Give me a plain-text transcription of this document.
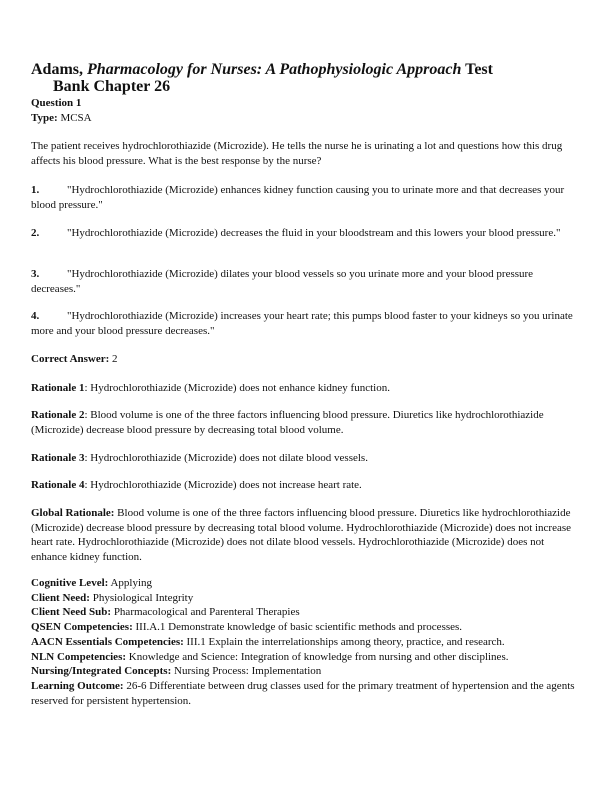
Adams, Pharmacology for Nurses: A Pathophysiologic Approach Test
Bank Chapter 26
Question 1
Type: MCSA
The patient receives hydrochlorothiazide (Microzide). He tells the nurse he is urinating a lot and questions how this drug affects his blood pressure. What is the best response by the nurse?
1.	"Hydrochlorothiazide (Microzide) enhances kidney function causing you to urinate more and that decreases your blood pressure."
2.	"Hydrochlorothiazide (Microzide) decreases the fluid in your bloodstream and this lowers your blood pressure."
3.	"Hydrochlorothiazide (Microzide) dilates your blood vessels so you urinate more and your blood pressure decreases."
4.	"Hydrochlorothiazide (Microzide) increases your heart rate; this pumps blood faster to your kidneys so you urinate more and your blood pressure decreases."
Correct Answer: 2
Rationale 1: Hydrochlorothiazide (Microzide) does not enhance kidney function.
Rationale 2: Blood volume is one of the three factors influencing blood pressure. Diuretics like hydrochlorothiazide (Microzide) decrease blood pressure by decreasing total blood volume.
Rationale 3: Hydrochlorothiazide (Microzide) does not dilate blood vessels.
Rationale 4: Hydrochlorothiazide (Microzide) does not increase heart rate.
Global Rationale: Blood volume is one of the three factors influencing blood pressure. Diuretics like hydrochlorothiazide (Microzide) decrease blood pressure by decreasing total blood volume. Hydrochlorothiazide (Microzide) does not increase heart rate. Hydrochlorothiazide (Microzide) does not dilate blood vessels. Hydrochlorothiazide (Microzide) does not enhance kidney function.
Cognitive Level: Applying
Client Need: Physiological Integrity
Client Need Sub: Pharmacological and Parenteral Therapies
QSEN Competencies: III.A.1 Demonstrate knowledge of basic scientific methods and processes.
AACN Essentials Competencies: III.1 Explain the interrelationships among theory, practice, and research.
NLN Competencies: Knowledge and Science: Integration of knowledge from nursing and other disciplines.
Nursing/Integrated Concepts: Nursing Process: Implementation
Learning Outcome: 26-6 Differentiate between drug classes used for the primary treatment of hypertension and the agents reserved for persistent hypertension.
